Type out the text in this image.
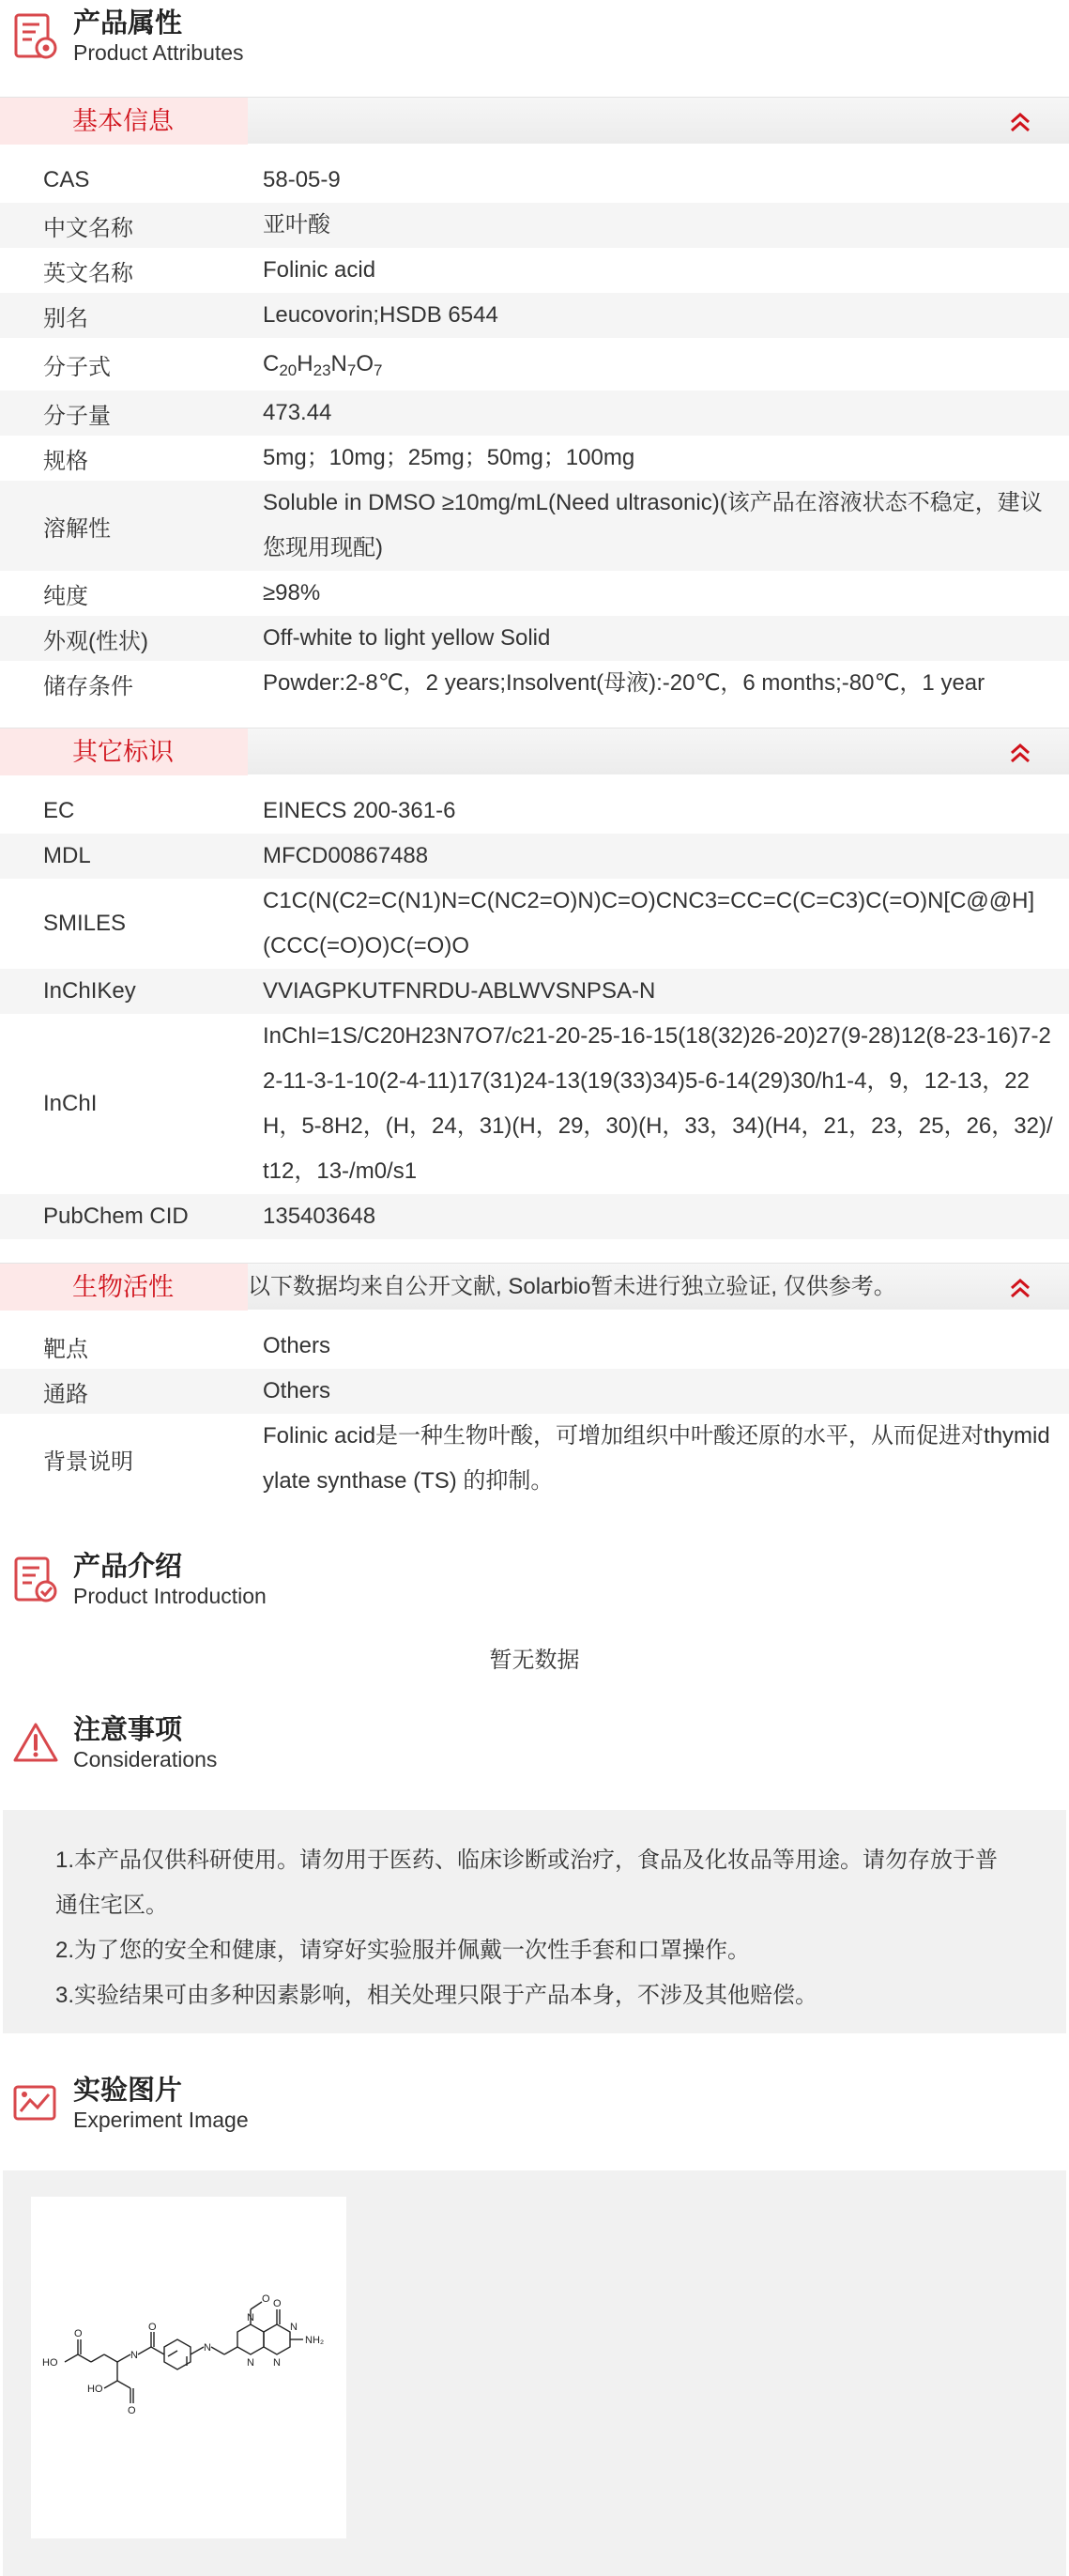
产品属性
Product Attributes
基本信息
CAS	58-05-9
中文名称	亚叶酸
英文名称	Folinic acid
别名	Leucovorin;HSDB 6544
分子式	$C_{20}H_{23}N_7O_7$
分子量	473.44
规格	5mg；10mg；25mg；50mg；100mg
溶解性
Soluble in DMSO ≥10mg/mL(Need ultrasonic)(该产品在溶液状态不稳定，建议您现用现配)
纯度	≥98%
外观(性状)	Off-white to light yellow Solid
储存条件	Powder:2-8℃，2 years;Insolvent(母液):-20℃，6 months;-80℃，1 year
其它标识
EC	EINECS 200-361-6
MDL	MFCD00867488
SMILES
C1C(N(C2=C(N1)N=C(NC2=O)N)C=O)CNC3=CC=C(C=C3)C(=O)N[C@@H](CCC(=O)O)C(=O)O
InChIKey	VVIAGPKUTFNRDU-ABLWVSNPSA-N
InChI
InChI=1S/C20H23N7O7/c21-20-25-16-15(18(32)26-20)27(9-28)12(8-23-16)7-22-11-3-1-10(2-4-11)17(31)24-13(19(33)34)5-6-14(29)30/h1-4，9，12-13，22H，5-8H2，(H，24，31)(H，29，30)(H，33，34)(H4，21，23，25，26，32)/t12，13-/m0/s1
PubChem CID	135403648
生物活性	以下数据均来自公开文献, Solarbio暂未进行独立验证, 仅供参考。
靶点	Others
通路	Others
背景说明
Folinic acid是一种生物叶酸，可增加组织中叶酸还原的水平，从而促进对thymidylate synthase (TS) 的抑制。
产品介绍
Product Introduction
暂无数据
注意事项
Considerations

1.本产品仅供科研使用。请勿用于医药、临床诊断或治疗，食品及化妆品等用途。请勿存放于普通住宅区。

2.为了您的安全和健康，请穿好实验服并佩戴一次性手套和口罩操作。

3.实验结果可由多种因素影响，相关处理只限于产品本身，不涉及其他赔偿。

实验图片
Experiment Image
HO
O
N
O
N
HO
O
N
O O
N
NH₂
N
N
